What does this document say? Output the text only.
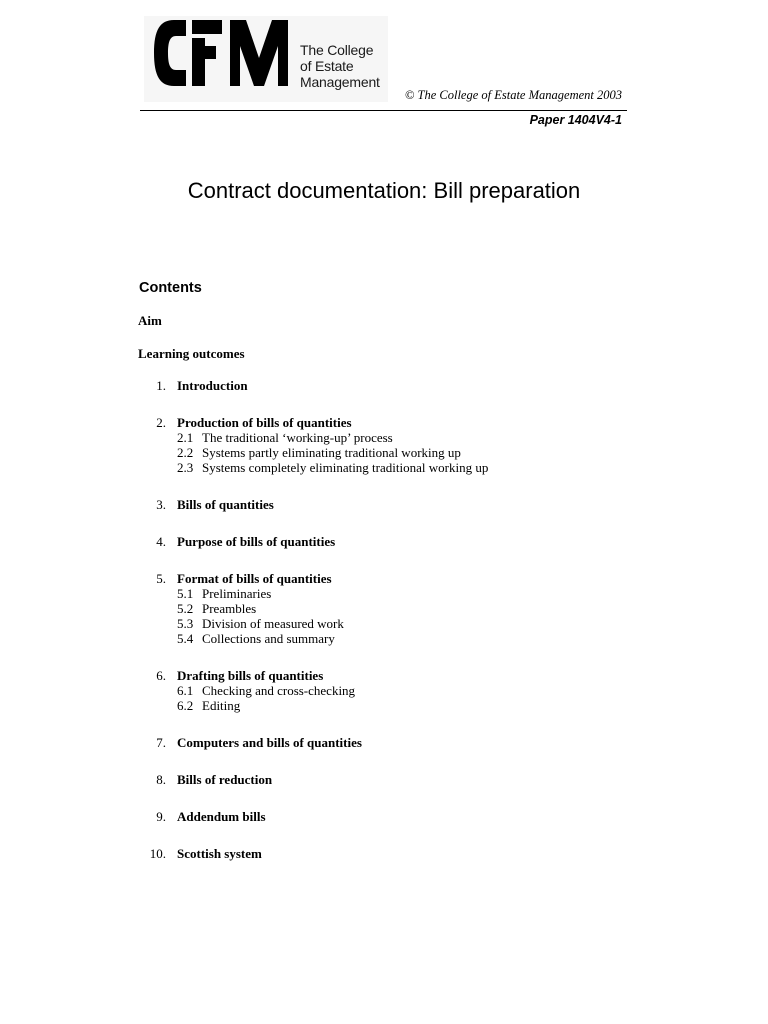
The College
of Estate
Management
© The College of Estate Management 2003
Paper 1404V4-1
Contract documentation: Bill preparation
Contents
Aim
Learning outcomes
1. Introduction
2. Production of bills of quantities
2.1 The traditional ‘working-up’ process
2.2 Systems partly eliminating traditional working up
2.3 Systems completely eliminating traditional working up
3. Bills of quantities
4. Purpose of bills of quantities
5. Format of bills of quantities
5.1 Preliminaries
5.2 Preambles
5.3 Division of measured work
5.4 Collections and summary
6. Drafting bills of quantities
6.1 Checking and cross-checking
6.2 Editing
7. Computers and bills of quantities
8. Bills of reduction
9. Addendum bills
10. Scottish system
